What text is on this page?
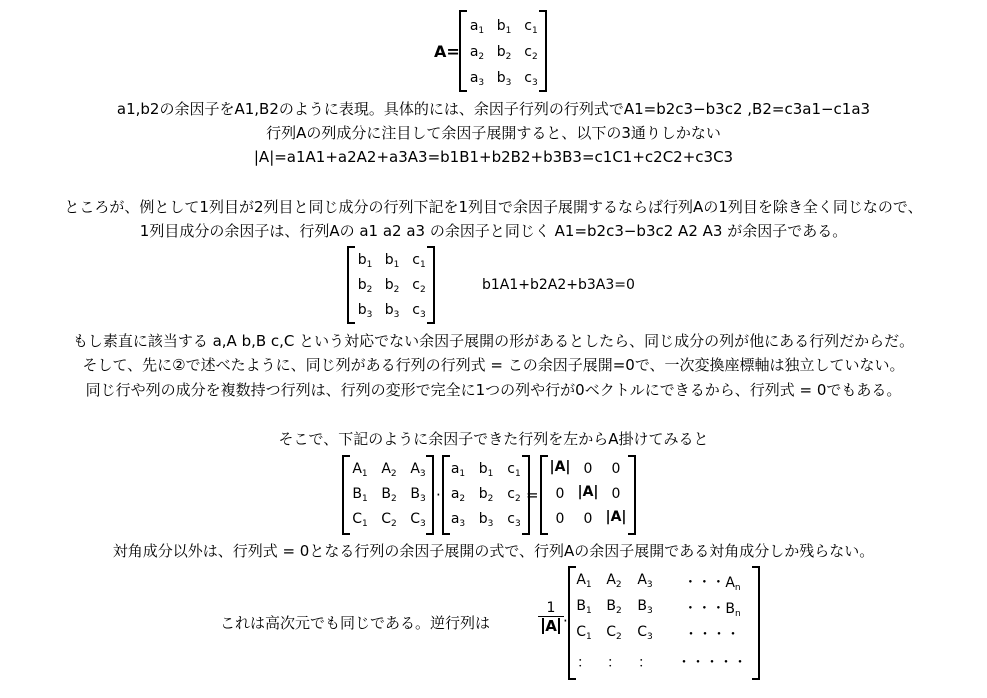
A=
$a_1$ $b_1$ $c_1$
$a_2$ $b_2$ $c_2$
$a_3$ $b_3$ $c_3$
a1,b2の余因子をA1,B2のように表現。具体的には、余因子行列の行列式でA1=b2c3−b3c2 ,B2=c3a1−c1a3
行列Aの列成分に注目して余因子展開すると、以下の3通りしかない
|A|=a1A1+a2A2+a3A3=b1B1+b2B2+b3B3=c1C1+c2C2+c3C3
ところが、例として1列目が2列目と同じ成分の行列下記を1列目で余因子展開するならば行列Aの1列目を除き全く同じなので、
1列目成分の余因子は、行列Aの a1 a2 a3 の余因子と同じく A1=b2c3−b3c2 A2 A3 が余因子である。
$b_1$ $b_1$ $c_1$
$b_2$ $b_2$ $c_2$
$b_3$ $b_3$ $c_3$
b1A1+b2A2+b3A3=0
もし素直に該当する a,A b,B c,C という対応でない余因子展開の形があるとしたら、同じ成分の列が他にある行列だからだ。
そして、先に②で述べたように、同じ列がある行列の行列式 = この余因子展開=0で、一次変換座標軸は独立していない。
同じ行や列の成分を複数持つ行列は、行列の変形で完全に1つの列や行が0ベクトルにできるから、行列式 = 0でもある。
そこで、下記のように余因子できた行列を左からA掛けてみると
$A_1$ $A_2$ $A_3$
$B_1$ $B_2$ $B_3$
$C_1$ $C_2$ $C_3$
·
$a_1$ $b_1$ $c_1$
$a_2$ $b_2$ $c_2$
$a_3$ $b_3$ $c_3$
=
|A| 0	0
0 |A| 0
0	0 |A|
対角成分以外は、行列式 = 0となる行列の余因子展開の式で、行列Aの余因子展開である対角成分しか残らない。
これは高次元でも同じである。逆行列は
1
A ·
$A_1$	$A_2$	$A_3$	・・・$A_n$
$B_1$	$B_2$	$B_3$	・・・$B_n$
$C_1$	$C_2$	$C_3$	・・・・
：	：	：	・・・・・
